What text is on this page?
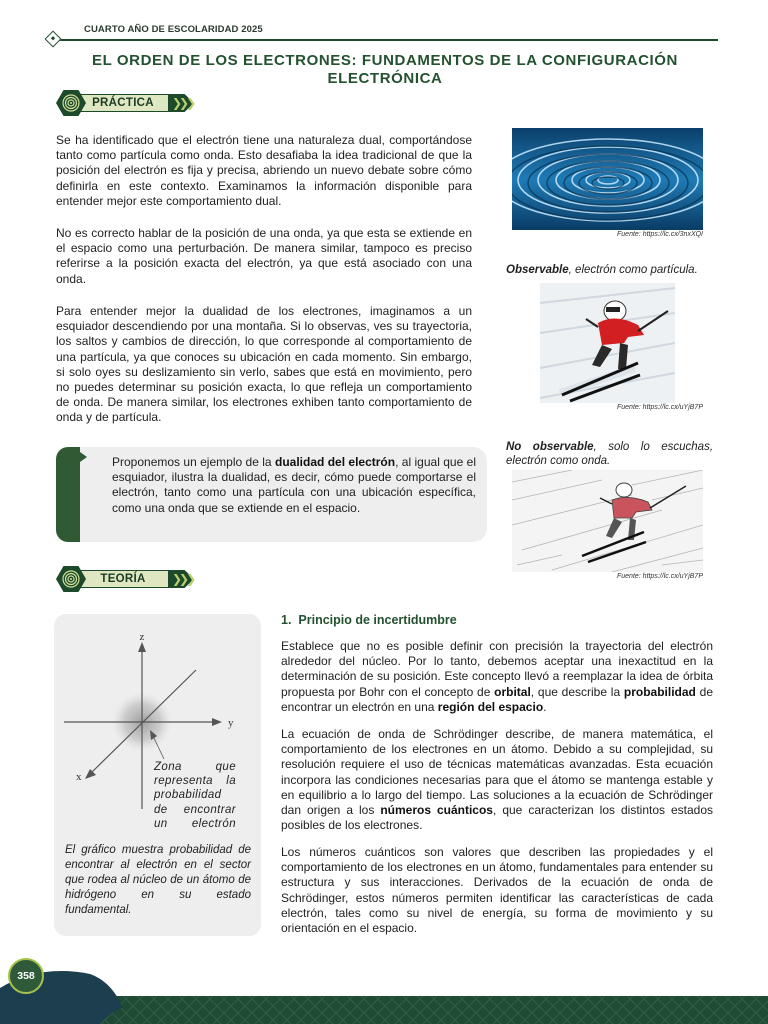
CUARTO AÑO DE ESCOLARIDAD 2025
EL ORDEN DE LOS ELECTRONES: FUNDAMENTOS DE LA CONFIGURACIÓN
ELECTRÓNICA
PRÁCTICA	❯❯❯
Se ha identificado que el electrón tiene una naturaleza dual, comportándose tanto como partícula como onda. Esto desafiaba la idea tradicional de que la posición del electrón es fija y precisa, abriendo un nuevo debate sobre cómo definirla en este contexto. Examinamos la información disponible para entender mejor este comportamiento dual.
No es correcto hablar de la posición de una onda, ya que esta se extiende en el espacio como una perturbación. De manera similar, tampoco es preciso referirse a la posición exacta del electrón, ya que está asociado con una onda.
Para entender mejor la dualidad de los electrones, imaginamos a un esquiador descendiendo por una montaña. Si lo observas, ves su trayectoria, los saltos y cambios de dirección, lo que corresponde al comportamiento de una partícula, ya que conoces su ubicación en cada momento. Sin embargo, si solo oyes su deslizamiento sin verlo, sabes que está en movimiento, pero no puedes determinar su posición exacta, lo que refleja un comportamiento de onda. De manera similar, los electrones exhiben tanto comportamiento de onda y de partícula.
Fuente: https://lc.cx/3nxXQI
Observable, electrón como partícula.
Fuente: https://lc.cx/uYjB7P
No observable, solo lo escuchas, electrón como onda.
Fuente: https://lc.cx/uYjB7P
Actividad
Proponemos un ejemplo de la dualidad del electrón, al igual que el esquiador, ilustra la dualidad, es decir, cómo puede comportarse el electrón, tanto como una partícula con una ubicación específica, como una onda que se extiende en el espacio.
TEORÍA	❯❯❯
z
y
x
Zona que
representa la
probabilidad
de encontrar
un electrón
El gráfico muestra probabilidad de encontrar al electrón en el sector que rodea al núcleo de un átomo de hidrógeno en su estado fundamental.
1. Principio de incertidumbre
Establece que no es posible definir con precisión la trayectoria del electrón alrededor del núcleo. Por lo tanto, debemos aceptar una inexactitud en la determinación de su posición. Este concepto llevó a reemplazar la idea de órbita propuesta por Bohr con el concepto de orbital, que describe la probabilidad de encontrar un electrón en una región del espacio.
La ecuación de onda de Schrödinger describe, de manera matemática, el comportamiento de los electrones en un átomo. Debido a su complejidad, su resolución requiere el uso de técnicas matemáticas avanzadas. Esta ecuación incorpora las condiciones necesarias para que el átomo se mantenga estable y en equilibrio a lo largo del tiempo. Las soluciones a la ecuación de Schrödinger dan origen a los números cuánticos, que caracterizan los distintos estados posibles de los electrones.
Los números cuánticos son valores que describen las propiedades y el comportamiento de los electrones en un átomo, fundamentales para entender su estructura y sus interacciones. Derivados de la ecuación de onda de Schrödinger, estos números permiten identificar las características de cada electrón, tales como su nivel de energía, su forma de movimiento y su orientación en el espacio.
358
